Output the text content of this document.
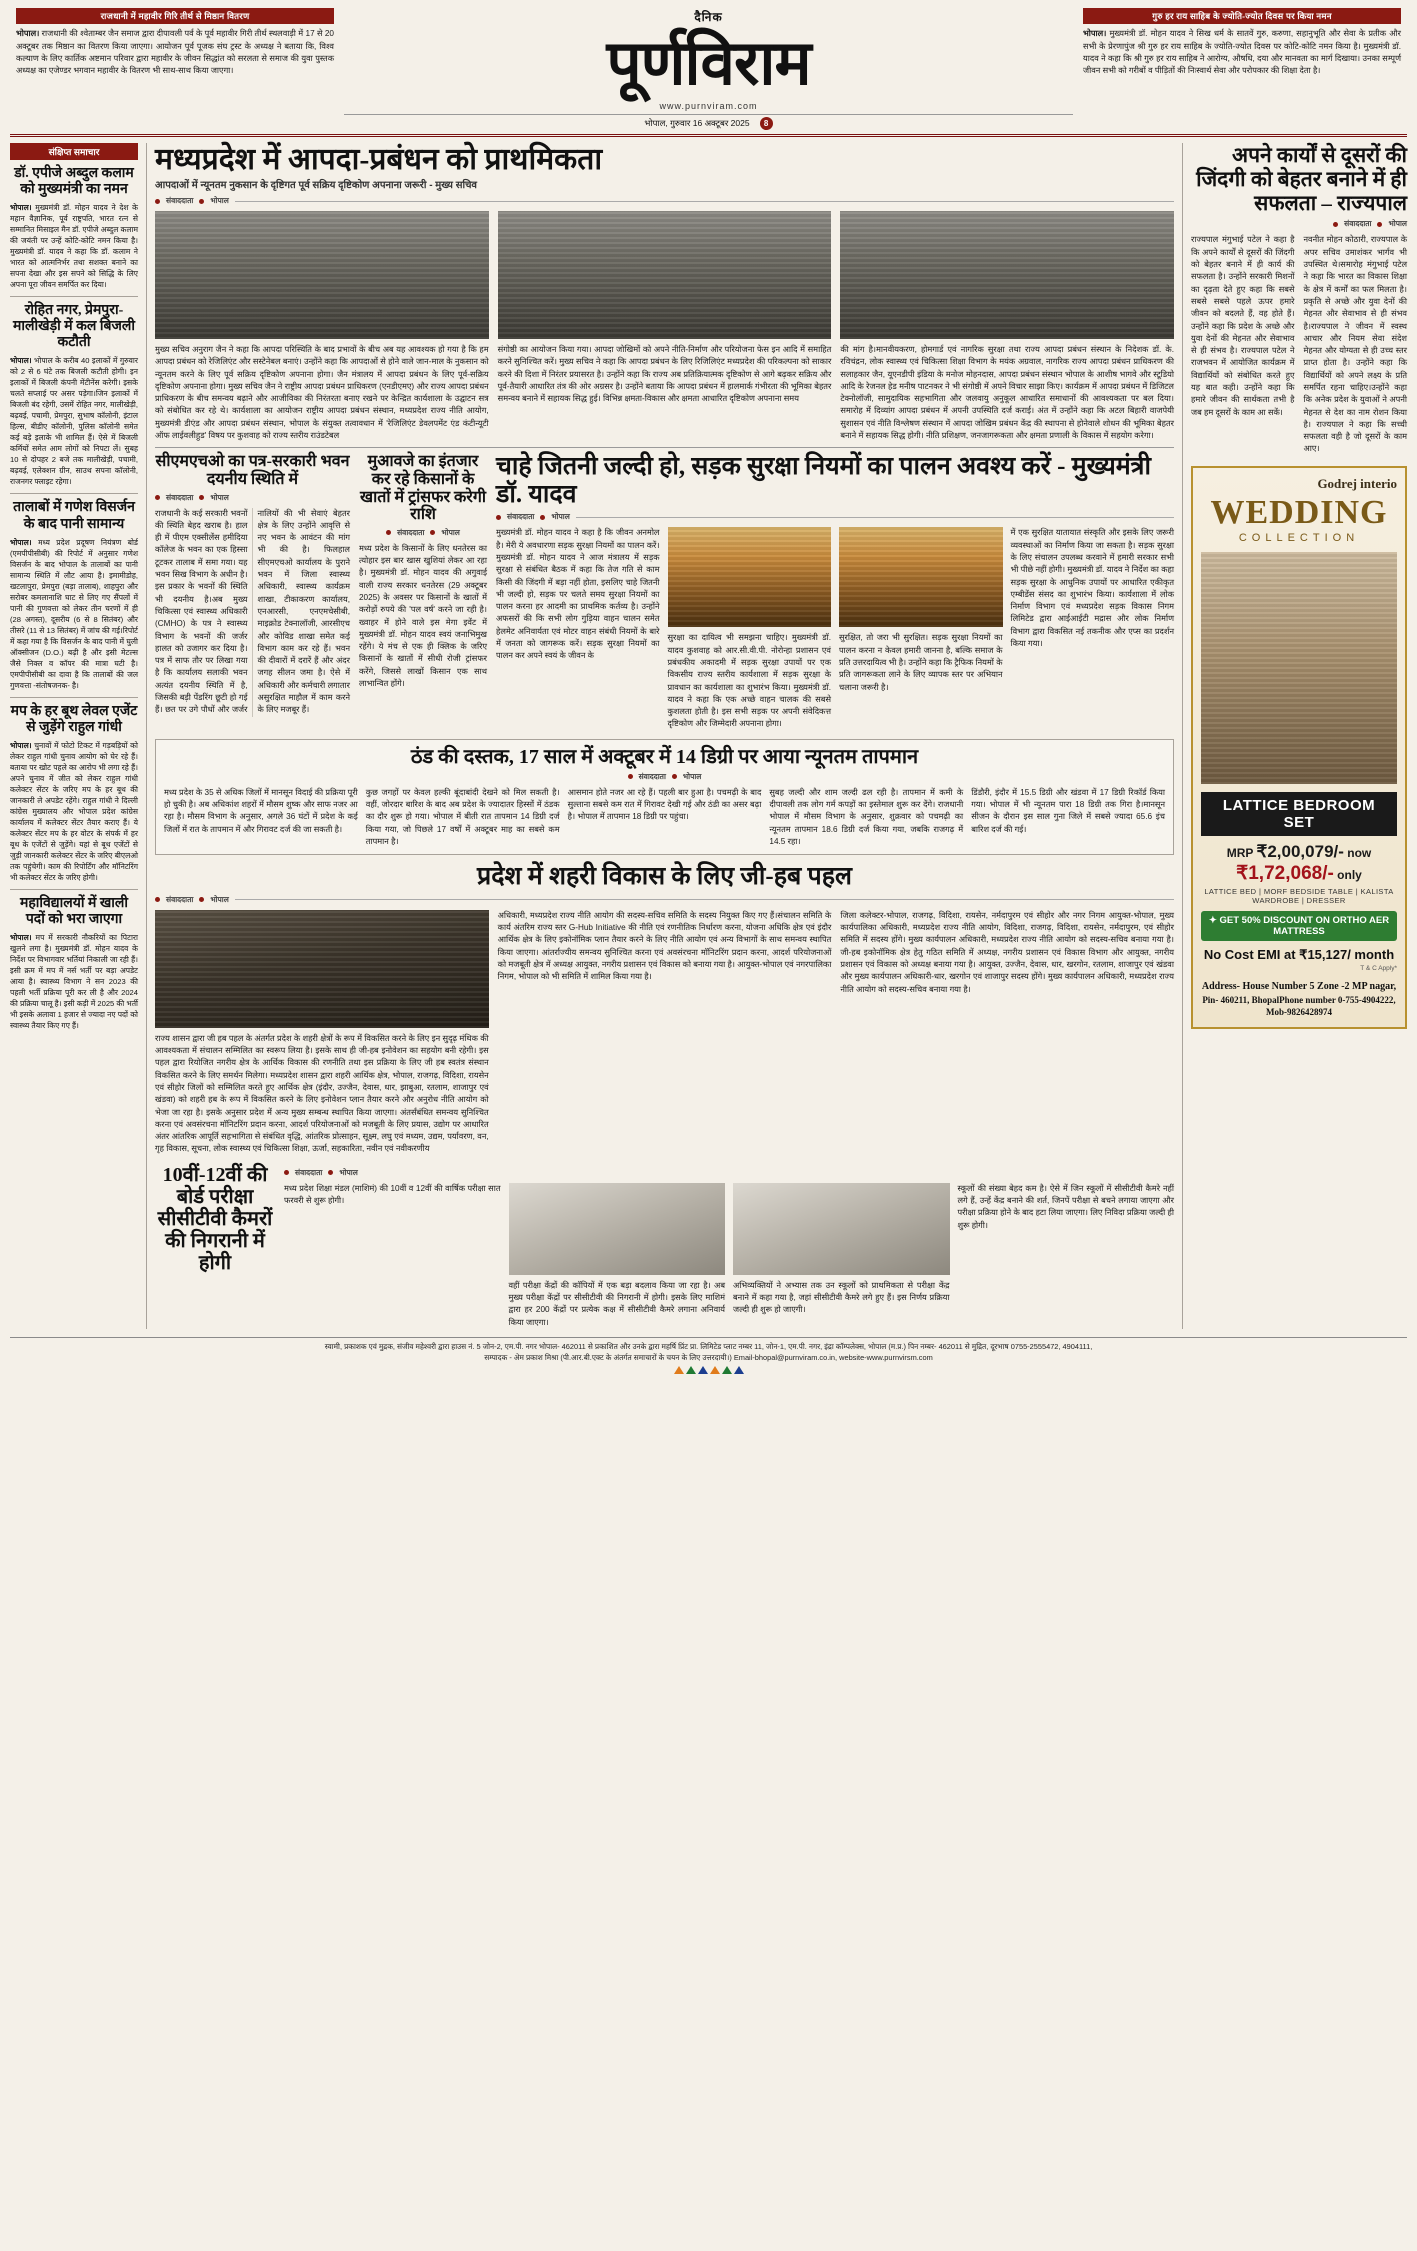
राजधानी में महावीर गिरि तीर्थ से मिष्ठान वितरण
भोपाल। राजधानी की श्वेताम्बर जैन समाज द्वारा दीपावली पर्व के पूर्व महावीर गिरी तीर्थ स्थलवाड़ी में 17 से 20 अक्टूबर तक मिष्ठान का वितरण किया जाएगा। आयोजन पूर्व पूजक संघ ट्रस्ट के अध्यक्ष ने बताया कि, विश्व कल्याण के लिए कार्तिक अष्टमान परिवार द्वारा महावीर के जीवन सिद्धांत को सरलता से समाज की युवा पुस्तक अध्यक्ष का एजेण्डर भगवान महावीर के वितरण भी साथ-साथ किया जाएगा।
दैनिक
पूर्णविराम
www.purnviram.com
भोपाल, गुरुवार 16 अक्टूबर 2025	8
गुरु हर राय साहिब के ज्योति-ज्योत दिवस पर किया नमन
भोपाल। मुख्यमंत्री डॉ. मोहन यादव ने सिख धर्म के सातवें गुरु, करुणा, सहानुभूति और सेवा के प्रतीक और सभी के प्रेरणापुंज श्री गुरु हर राय साहिब के ज्योति-ज्योत दिवस पर कोटि-कोटि नमन किया है। मुख्यमंत्री डॉ. यादव ने कहा कि श्री गुरु हर राय साहिब ने आरोग्य, औषधि, दया और मानवता का मार्ग दिखाया। उनका सम्पूर्ण जीवन सभी को गरीबों व पीड़ितों की निःस्वार्थ सेवा और परोपकार की शिक्षा देता है।
संक्षिप्त समाचार
डॉ. एपीजे अब्दुल कलाम को मुख्यमंत्री का नमन
भोपाल। मुख्यमंत्री डॉ. मोहन यादव ने देश के महान वैज्ञानिक, पूर्व राष्ट्रपति, भारत रत्न से सम्मानित मिसाइल मैन डॉ. एपीजे अब्दुल कलाम की जयंती पर उन्हें कोटि-कोटि नमन किया है। मुख्यमंत्री डॉ. यादव ने कहा कि डॉ. कलाम ने भारत को आत्मनिर्भर तथा सशक्त बनाने का सपना देखा और इस सपने को सिद्धि के लिए अपना पूरा जीवन समर्पित कर दिया।
रोहित नगर, प्रेमपुरा-मालीखेड़ी में कल बिजली कटौती
भोपाल। भोपाल के करीब 40 इलाकों में गुरुवार को 2 से 6 घंटे तक बिजली कटौती होगी। इन इलाकों में बिजली कंपनी मेंटीनेंस करेगी। इसके चलते सप्लाई पर असर पड़ेगा।जिन इलाकों में बिजली बंद रहेगी, उसमें रोहित नगर, मालीखेड़ी, बढ़वई, पचामी, प्रेमपुरा, सुभाष कॉलोनी, इंटाल हिल्स, बीडीए कॉलोनी, पुलिस कॉलोनी समेत कई बड़े इलाके भी शामिल हैं। ऐसे में बिजली कर्मियों समेत आम लोगों को निपटा लें। सुबह 10 से दोपहर 2 बजे तक मालीखेड़ी, पचामी, बढ़वई, एलेक्शन ग्रीन, साउथ सपना कॉलोनी, राजनगर फ्लाइट रहेगा।
तालाबों में गणेश विसर्जन के बाद पानी सामान्य
भोपाल। मध्य प्रदेश प्रदूषण नियंत्रण बोर्ड (एमपीपीसीबी) की रिपोर्ट में अनुसार गणेश विसर्जन के बाद भोपाल के तालाबों का पानी सामान्य स्थिति में लौट आया है। इमामीडोह, खटलापुरा, प्रेमपुरा (बड़ा तालाब), शाहपुरा और सरोबर कमलानाशि घाट से लिए गए सैंपलों में पानी की गुणवत्ता को लेकर तीन चरणों में ही (28 अगस्त), दूसरीय (6 से 8 सितंबर) और तीसरे (11 से 13 सितंबर) में जांच की गई।रिपोर्ट में कहा गया है कि विसर्जन के बाद पानी में घुली ऑक्सीजन (D.O.) बढ़ी है और इसी मेटल्स जैसे निक्ल व कॉपर की मात्रा घटी है। एमपीपीसीबी का दावा है कि तालाबों की जल गुणवत्ता -संतोषजनक- है।
मप के हर बूथ लेवल एजेंट से जुड़ेंगे राहुल गांधी
भोपाल। चुनावों में फोटो टिकट में गड़बड़ियों को लेकर राहुल गांधी चुनाव आयोग को घेर रहे हैं। बताया पर खोट पहले का आरोप भी लगा रहे हैं। अपने चुनाव में जीत को लेकर राहुल गांधी कलेक्टर सेंटर के जरिए मप के हर बूथ की जानकारी ले अपडेट रहेंगे। राहुल गांधी ने दिल्ली कांग्रेस मुख्यालय और भोपाल प्रदेश कांग्रेस कार्यालय में कलेक्टर सेंटर तैयार कराए हैं। ये कलेक्टर सेंटर मप के हर वोटर के संपर्क में हर बूथ के एजेंटों से जुड़ेंगे। यहां से बूथ एजेंटों से जुड़ी जानकारी कलेक्टर सेंटर के जरिए बीएलओ तक पहुंचेगी। काम की रिपोर्टिंग और मॉनिटरिंग भी कलेक्टर सेंटर के जरिए होगी।
महाविद्यालयों में खाली पदों को भरा जाएगा
भोपाल। मप में सरकारी नौकरियों का पिटारा खुलने लगा है। मुख्यमंत्री डॉ. मोहन यादव के निर्देश पर विभागवार भर्तियां निकाली जा रही हैं। इसी क्रम में मप में नर्स भर्ती पर बड़ा अपडेट आया है। स्वास्थ्य विभाग ने सन 2023 की पहली भर्ती प्रक्रिया पूरी कर ली है और 2024 की प्रक्रिया चालू है। इसी कड़ी में 2025 की भर्ती भी इसके अलावा 1 हजार से ज्यादा नए पदों को स्वास्थ्य तैयार किए गए हैं।
मध्यप्रदेश में आपदा-प्रबंधन को प्राथमिकता
आपदाओं में न्यूनतम नुकसान के दृष्टिगत पूर्व सक्रिय दृष्टिकोण अपनाना जरूरी - मुख्य सचिव
संवाददाता भोपाल
मुख्य सचिव अनुराग जैन ने कहा कि आपदा परिस्थिति के बाद प्रभावों के बीच अब यह आवश्यक हो गया है कि हम आपदा प्रबंधन को रेजिलिएंट और सस्टेनेबल बनाएं। उन्होंने कहा कि आपदाओं से होने वाले जान-माल के नुकसान को न्यूनतम करने के लिए पूर्व सक्रिय दृष्टिकोण अपनाना होगा। जैन मंत्रालय में आपदा प्रबंधन के लिए पूर्व-सक्रिय दृष्टिकोण अपनाना होगा। मुख्य सचिव जैन ने राष्ट्रीय आपदा प्रबंधन प्राधिकरण (एनडीएमए) और राज्य आपदा प्रबंधन प्राधिकरण के बीच समन्वय बढ़ाने और आजीविका की निरंतरता बनाए रखने पर केन्द्रित कार्यशाला के उद्घाटन सत्र को संबोधित कर रहे थे। कार्यशाला का आयोजन राष्ट्रीय आपदा प्रबंधन संस्थान, मध्यप्रदेश राज्य नीति आयोग, मुख्यमंत्री डीएंड और आपदा प्रबंधन संस्थान, भोपाल के संयुक्त तत्वावधान में 'रेजिलिएंट डेवलपमेंट एंड कंटीन्यूटी ऑफ लाईवलीहुड' विषय पर कुशवाह को राज्य स्तरीय राउंडटेबल
संगोष्ठी का आयोजन किया गया। आपदा जोखिमों को अपने नीति-निर्माण और परियोजना फेस इन आदि में समाहित करने सुनिश्चित करें। मुख्य सचिव ने कहा कि आपदा प्रबंधन के लिए रिजिलिएंट मध्यप्रदेश की परिकल्पना को साकार करने की दिशा में निरंतर प्रयासरत है। उन्होंने कहा कि राज्य अब प्रतिक्रियात्मक दृष्टिकोण से आगे बढ़कर सक्रिय और पूर्व-तैयारी आधारित तंत्र की ओर अग्रसर है। उन्होंने बताया कि आपदा प्रबंधन में हालमार्क गंभीरता की भूमिका बेहतर समन्वय बनाने में सहायक सिद्ध हुई। विभिन्न क्षमता-विकास और क्षमता आधारित दृष्टिकोण अपनाना समय
की मांग है।मानवीयकरण, होमगार्ड एवं नागरिक सुरक्षा तथा राज्य आपदा प्रबंधन संस्थान के निदेशक डॉ. के. रविचंद्रन, लोक स्वास्थ्य एवं चिकित्सा शिक्षा विभाग के मयंक अग्रवाल, नागरिक राज्य आपदा प्रबंधन प्राधिकरण की सलाहकार जैन, यूएनडीपी इंडिया के मनोज मोहनदास, आपदा प्रबंधन संस्थान भोपाल के आशीष भागवे और स्टूडियो आदि के रेजनल हेड मनीष पाटनकर ने भी संगोष्ठी में अपने विचार साझा किए। कार्यक्रम में आपदा प्रबंधन में डिजिटल टेक्नोलॉजी, सामुदायिक सहभागिता और जलवायु अनुकूल आधारित समाधानों की आवश्यकता पर बल दिया। समारोह में दिव्यांग आपदा प्रबंधन में अपनी उपस्थिति दर्ज कराई। अंत में उन्होंने कहा कि अटल बिहारी वाजपेयी सुशासन एवं नीति विश्लेषण संस्थान में आपदा जोखिम प्रबंधन केंद्र की स्थापना से होनेवाले शोधन की भूमिका बेहतर बनाने में सहायक सिद्ध होगी। नीति प्रशिक्षण, जनजागरूकता और क्षमता प्रणाली के विकास में सहयोग करेगा।
सीएमएचओ का पत्र-सरकारी भवन दयनीय स्थिति में
संवाददाता भोपाल
राजधानी के कई सरकारी भवनों की स्थिति बेहद खराब है। हाल ही में पीएम एक्सीलेंस हमीदिया कॉलेज के भवन का एक हिस्सा टूटकर तालाब में समा गया। यह भवन सिख विभाग के अधीन है। इस प्रकार के भवनों की स्थिति भी दयनीय है।अब मुख्य चिकित्सा एवं स्वास्थ्य अधिकारी (CMHO) के पत्र ने स्वास्थ्य विभाग के भवनों की जर्जर हालत को उजागर कर दिया है। पत्र में साफ तौर पर लिखा गया है कि कार्यालय सलाकी भवन अत्यंत दयनीय स्थिति में है, जिसकी बड़ी पेंडरिंग छूटी हो गई हैं। छत पर उगे पौधों और जर्जर नालियों की भी सेवाएं बेहतर क्षेत्र के लिए उन्होंने आवृत्ति से नए भवन के आवंटन की मांग भी की है। फिलहाल सीएमएचओ कार्यालय के पुराने भवन में जिला स्वास्थ्य अधिकारी, स्वास्थ्य कार्यक्रम शाखा, टीकाकरण कार्यालय, एनआरसी, एनएमचेसीबी, माइक्रोड टेक्नालॉजी, आरसीएच और कोविड शाखा समेत कई विभाग काम कर रहे हैं। भवन की दीवारों में दरारें हैं और अंदर जगह सीलन जमा है। ऐसे में अधिकारी और कर्मचारी लगातार असुरक्षित माहौल में काम करने के लिए मजबूर हैं।
मुआवजे का इंतजार कर रहे किसानों के खातों में ट्रांसफर करेगी राशि
संवाददाता भोपाल
मध्य प्रदेश के किसानों के लिए धनतेरस का त्योहार इस बार खास खुशियां लेकर आ रहा है। मुख्यमंत्री डॉ. मोहन यादव की अगुवाई वाली राज्य सरकार धनतेरस (29 अक्टूबर 2025) के अवसर पर किसानों के खातों में करोड़ों रुपये की 'पल वर्ष' करने जा रही है। ख्वाहर में होने वाले इस मेगा इवेंट में मुख्यमंत्री डॉ. मोहन यादव स्वयं जनाभिमुख रहेंगे। ये मंच से एक ही क्लिक के जरिए किसानों के खातों में सीधी रोजी ट्रांसफर करेंगे, जिससे लाखों किसान एक साथ लाभान्वित होंगे।
चाहे जितनी जल्दी हो, सड़क सुरक्षा नियमों का पालन अवश्य करें - मुख्यमंत्री डॉ. यादव
संवाददाता भोपाल
मुख्यमंत्री डॉ. मोहन यादव ने कहा है कि जीवन अनमोल है। मेरी ये अवधारणा सड़क सुरक्षा नियमों का पालन करें। मुख्यमंत्री डॉ. मोहन यादव ने आज मंत्रालय में सड़क सुरक्षा से संबंधित बैठक में कहा कि तेज गति से काम किसी की जिंदगी में बड़ा नहीं होता, इसलिए चाहे जितनी भी जल्दी हो, सड़क पर चलते समय सुरक्षा नियमों का पालन करना हर आदमी का प्राथमिक कर्तव्य है। उन्होंने अफसरों की कि सभी लोग गुड़िया वाहन चालन समेत हेलमेट अनिवार्यता एवं मोटर वाहन संबंधी नियमों के बारे में जनता को जागरूक करें। सड़क सुरक्षा नियमों का पालन कर अपने स्वयं के जीवन के
सुरक्षा का दायित्व भी समझना चाहिए। मुख्यमंत्री डॉ. यादव कुशवाह को आर.सी.वी.पी. नोरोन्हा प्रशासन एवं प्रबंधकीय अकादमी में सड़क सुरक्षा उपायों पर एक विकसीय राज्य स्तरीय कार्यशाला में सड़क सुरक्षा के प्रावधान का कार्यशाला का शुभारंभ किया। मुख्यमंत्री डॉ. यादव ने कहा कि एक अच्छे वाहन चालक की सबसे कुशलता होती है। इस सभी सड़क पर अपनी संवेदिकत्त दृष्टिकोण और जिम्मेदारी अपनाना होगा।
सुरक्षित, तो जरा भी सुरक्षित। सड़क सुरक्षा नियमों का पालन करना न केवल हमारी जानना है, बल्कि समाज के प्रति उत्तरदायित्व भी है। उन्होंने कहा कि ट्रैफिक नियमों के प्रति जागरूकता लाने के लिए व्यापक स्तर पर अभियान चलाना जरूरी है।
में एक सुरक्षित यातायात संस्कृति और इसके लिए जरूरी व्यवस्थाओं का निर्माण किया जा सकता है। सड़क सुरक्षा के लिए संचालन उपलब्ध करवाने में हमारी सरकार सभी भी पीछे नहीं होगी। मुख्यमंत्री डॉ. यादव ने निर्देश का कहा सड़क सुरक्षा के आधुनिक उपायों पर आधारित एकीकृत एम्बीडेंस संसद का शुभारंभ किया। कार्यशाला में लोक निर्माण विभाग एवं मध्यप्रदेश सड़क विकास निगम लिमिटेड द्वारा आईआईटी मद्रास और लोक निर्माण विभाग द्वारा विकसित नई तकनीक और एप्स का प्रदर्शन किया गया।
ठंड की दस्तक, 17 साल में अक्टूबर में 14 डिग्री पर आया न्यूनतम तापमान
संवाददाता भोपाल
मध्य प्रदेश के 35 से अधिक जिलों में मानसून विदाई की प्रक्रिया पूरी हो चुकी है। अब अधिकांश शहरों में मौसम शुष्क और साफ नजर आ रहा है। मौसम विभाग के अनुसार, अगले 36 घंटों में प्रदेश के कई जिलों में रात के तापमान में और गिरावट दर्ज की जा सकती है।
कुछ जगहों पर केवल हल्की बूंदाबांदी देखने को मिल सकती है। वहीं, जोरदार बारिश के बाद अब प्रदेश के ज्यादातर हिस्सों में ठंडक का दौर शुरू हो गया। भोपाल में बीती रात तापमान 14 डिग्री दर्ज किया गया, जो पिछले 17 वर्षों में अक्टूबर माह का सबसे कम तापमान है।
आसमान होते नजर आ रहे हैं। पहली बार हुआ है। पचमढ़ी के बाद सुल्ताना सबसे कम रात में गिरावट देखी गई और ठंडी का असर बढ़ा है। भोपाल में तापमान 18 डिग्री पर पहुंचा।
सुबह जल्दी और शाम जल्दी ढल रही है। तापमान में कमी के दीपावली तक लोग गर्म कपड़ों का इस्तेमाल शुरू कर देंगे। राजधानी भोपाल में मौसम विभाग के अनुसार, शुक्रवार को पचमढ़ी का न्यूनतम तापमान 18.6 डिग्री दर्ज किया गया, जबकि राजगढ़ में 14.5 रहा।
डिंडौरी, इंदौर में 15.5 डिग्री और खंडवा में 17 डिग्री रिकॉर्ड किया गया। भोपाल में भी न्यूनतम पारा 18 डिग्री तक गिरा है।मानसून सीजन के दौरान इस साल गुना जिले में सबसे ज्यादा 65.6 इंच बारिश दर्ज की गई।
प्रदेश में शहरी विकास के लिए जी-हब पहल
संवाददाता भोपाल
राज्य शासन द्वारा जी हब पहल के अंतर्गत प्रदेश के शहरी क्षेत्रों के रूप में विकसित करने के लिए इन सुदृढ़ मंथिक की आवश्यकता में संचालन सम्मिलित का स्वरूप लिया है। इसके साथ ही जी-हब इनोवेशन का सहयोग बनी रहेगी। इस पहल द्वारा रियोजित नगरीय क्षेत्र के आर्थिक विकास की रणनीति तथा इस प्रक्रिया के लिए जी हब स्वतंत्र संस्थान विकसित करने के लिए समर्थन मिलेगा। मध्यप्रदेश शासन द्वारा शहरी आर्थिक क्षेत्र, भोपाल, राजगढ़, विदिशा, रायसेन एवं सीहोर जिलों को सम्मिलित करते हुए आर्थिक क्षेत्र (इंदौर, उज्जैन, देवास, धार, झाबुआ, रतलाम, शाजापुर एवं खंडवा) को शहरी हब के रूप में विकसित करने के लिए इनोवेशन प्लान तैयार करने और अनुरोध नीति आयोग को भेजा जा रहा है। इसके अनुसार प्रदेश में अन्य मुख्य सम्बन्ध स्थापित किया जाएगा। अंतर्संबंधित समन्वय सुनिश्चित करना एवं अवसंरचना मॉनिटरिंग प्रदान करना, आदर्श परियोजनाओं को मजबूती के लिए प्रयास, उद्योग पर आधारित अंतर आंतरिक आपूर्ति सहभागिता से संबंधित वृद्धि, आंतरिक प्रोत्साहन, सूक्ष्म, लघु एवं मध्यम, उद्यम, पर्यावरण, वन, गृह विकास, सूचना, लोक स्वास्थ्य एवं चिकित्सा शिक्षा, ऊर्जा, सहकारिता, नवीन एवं नवीकरणीय
अधिकारी, मध्यप्रदेश राज्य नीति आयोग की सदस्य-सचिव समिति के सदस्य नियुक्त किए गए हैं।संचालन समिति के कार्य अंतरिम राज्य स्तर G-Hub Initiative की नीति एवं रणनीतिक निर्धारण करना, योजना अधिकि क्षेत्र एवं इंदौर आर्थिक क्षेत्र के लिए इकोनॉमिक प्लान तैयार करने के लिए नीति आयोग एवं अन्य विभागों के साथ समन्वय स्थापित किया जाएगा। आंतर्राज्यीय समन्वय सुनिश्चित करना एवं अवसंरचना मॉनिटरिंग प्रदान करना, आदर्श परियोजनाओं को मजबूती क्षेत्र में अध्यक्ष आयुक्त, नगरीय प्रशासन एवं विकास को बनाया गया है। आयुक्त-भोपाल एवं नगरपालिका निगम, भोपाल को भी समिति में शामिल किया गया है।
जिला कलेक्टर-भोपाल, राजगढ़, विदिशा, रायसेन, नर्मदापुरम एवं सीहोर और नगर निगम आयुक्त-भोपाल, मुख्य कार्यपालिका अधिकारी, मध्यप्रदेश राज्य नीति आयोग, विदिशा, राजगढ़, विदिशा, रायसेन, नर्मदापुरम, एवं सीहोर समिति में सदस्य होंगे। मुख्य कार्यपालन अधिकारी, मध्यप्रदेश राज्य नीति आयोग को सदस्य-सचिव बनाया गया है।जी-हब इकोनॉमिक क्षेत्र हेतु गठित समिति में अध्यक्ष, नगरीय प्रशासन एवं विकास विभाग और आयुक्त, नगरीय प्रशासन एवं विकास को अध्यक्ष बनाया गया है। आयुक्त, उज्जैन, देवास, धार, खरगोन, रतलाम, शाजापुर एवं खंडवा और मुख्य कार्यपालन अधिकारी-धार, खरगोन एवं शाजापुर सदस्य होंगे। मुख्य कार्यपालन अधिकारी, मध्यप्रदेश राज्य नीति आयोग को सदस्य-सचिव बनाया गया है।
10वीं-12वीं की बोर्ड परीक्षा सीसीटीवी कैमरों की निगरानी में होगी
संवाददाता भोपाल
मध्य प्रदेश शिक्षा मंडल (माशिमं) की 10वीं व 12वीं की वार्षिक परीक्षा सात फरवरी से शुरू होगी।
वहीं परीक्षा केंद्रों की कॉपियों में एक बड़ा बदलाव किया जा रहा है। अब मुख्य परीक्षा केंद्रों पर सीसीटीवी की निगरानी में होगी। इसके लिए माशिमं द्वारा हर 200 केंद्रों पर प्रत्येक कक्ष में सीसीटीवी कैमरे लगाना अनिवार्य किया जाएगा।
अभिव्यक्तियों ने अभ्यास तक उन स्कूलों को प्राथमिकता से परीक्षा केंद्र बनाने में कहा गया है, जहां सीसीटीवी कैमरे लगे हुए हैं। इस निर्णय प्रक्रिया जल्दी ही शुरू हो जाएगी।
स्कूलों की संख्या बेहद कम है। ऐसे में जिन स्कूलों में सीसीटीवी कैमरे नहीं लगे हैं, उन्हें केंद्र बनाने की शर्त, जिनपें परीक्षा से बचने लगाया जाएगा और परीक्षा प्रक्रिया होने के बाद हटा लिया जाएगा। लिए निविदा प्रक्रिया जल्दी ही शुरू होगी।
अपने कार्यों से दूसरों की जिंदगी को बेहतर बनाने में ही सफलता – राज्यपाल
संवाददाता भोपाल
राज्यपाल मंगुभाई पटेल ने कहा है कि अपने कार्यों से दूसरों की जिंदगी को बेहतर बनाने में ही कार्य की सफलता है। उन्होंने सरकारी मिशनों का दृढ़ता देते हुए कहा कि सबसे सबसे सबसे पहले ऊपर हमारे जीवन को बदलते हैं, वह होते हैं। उन्होंने कहा कि प्रदेश के अच्छे और युवा देनों की मेहनत और सेवाभाव से ही संभव है। राज्यपाल पटेल ने राजभवन में आयोजित कार्यक्रम में विद्यार्थियों को संबोधित करते हुए यह बात कही। उन्होंने कहा कि हमारे जीवन की सार्थकता तभी है जब हम दूसरों के काम आ सकें।
नवनीत मोहन कोठारी, राज्यपाल के अपर सचिव उमाशंकर भार्गव भी उपस्थित थे।समारोह मंगुभाई पटेल ने कहा कि भारत का विकास शिक्षा के क्षेत्र में कर्मों का फल मिलता है। प्रकृति से अच्छे और युवा देनों की मेहनत और सेवाभाव से ही संभव है।राज्यपाल ने जीवन में स्वस्थ आचार और नियम सेवा संदेश मेहनत और योग्यता से ही उच्च स्तर प्राप्त होता है। उन्होंने कहा कि विद्यार्थियों को अपने लक्ष्य के प्रति समर्पित रहना चाहिए।उन्होंने कहा कि अनेक प्रदेश के युवाओं ने अपनी मेहनत से देश का नाम रोशन किया है। राज्यपाल ने कहा कि सच्ची सफलता वही है जो दूसरों के काम आए।
Godrej interio
WEDDING
COLLECTION
LATTICE BEDROOM SET
MRP ₹2,00,079/- now ₹1,72,068/- only
LATTICE BED | MORF BEDSIDE TABLE | KALISTA WARDROBE | DRESSER
✦ GET 50% DISCOUNT ON ORTHO AER MATTRESS
No Cost EMI at ₹15,127/ month
T & C Apply*
Address- House Number 5 Zone -2 MP nagar,
Pin- 460211, BhopalPhone number 0-755-4904222, Mob-9826428974
स्वामी, प्रकाशक एवं मुद्रक, संजीव महेश्वरी द्वारा हाउस नं. 5 जोन-2, एम.पी. नगर भोपाल- 462011 से प्रकाशित और उनके द्वारा महर्षि प्रिंट प्रा. लिमिटेड प्लाट नम्बर 11, जोन-1, एम.पी. नगर, इंद्रा कॉम्पलेक्स, भोपाल (म.प्र.) पिन नम्बर- 462011 से मुद्रित, दूरभाष 0755-2555472, 4904111,
सम्पादक - अेम प्रकाश मिश्रा (पी.आर.बी.एक्ट के अंतर्गत समाचारों के चयन के लिए उत्तरदायी।) Email-bhopal@purnviram.co.in, website-www.purnvirsm.com
